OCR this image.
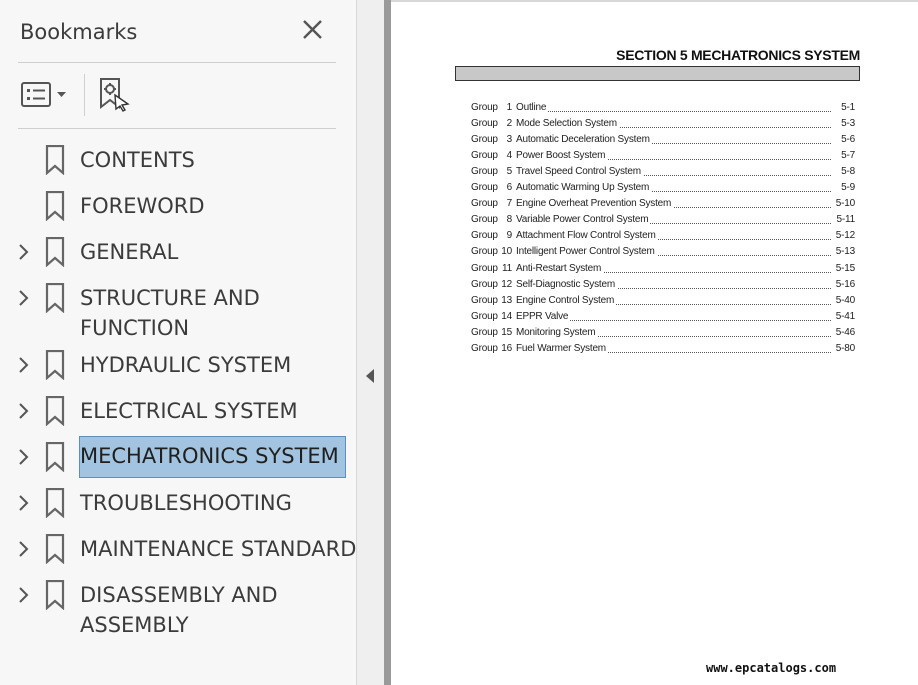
Bookmarks
CONTENTS
FOREWORD
GENERAL
STRUCTURE AND
FUNCTION
HYDRAULIC SYSTEM
ELECTRICAL SYSTEM
MECHATRONICS SYSTEM
TROUBLESHOOTING
MAINTENANCE STANDARD
DISASSEMBLY AND
ASSEMBLY
SECTION 5 MECHATRONICS SYSTEM
Group 1 Outline	5-1
Group 2 Mode Selection System	5-3
Group 3 Automatic Deceleration System	5-6
Group 4 Power Boost System	5-7
Group 5 Travel Speed Control System	5-8
Group 6 Automatic Warming Up System	5-9
Group 7 Engine Overheat Prevention System	5-10
Group 8 Variable Power Control System	5-11
Group 9 Attachment Flow Control System	5-12
Group 10 Intelligent Power Control System	5-13
Group 11 Anti-Restart System	5-15
Group 12 Self-Diagnostic System	5-16
Group 13 Engine Control System	5-40
Group 14 EPPR Valve	5-41
Group 15 Monitoring System	5-46
Group 16 Fuel Warmer System	5-80
www.epcatalogs.com
